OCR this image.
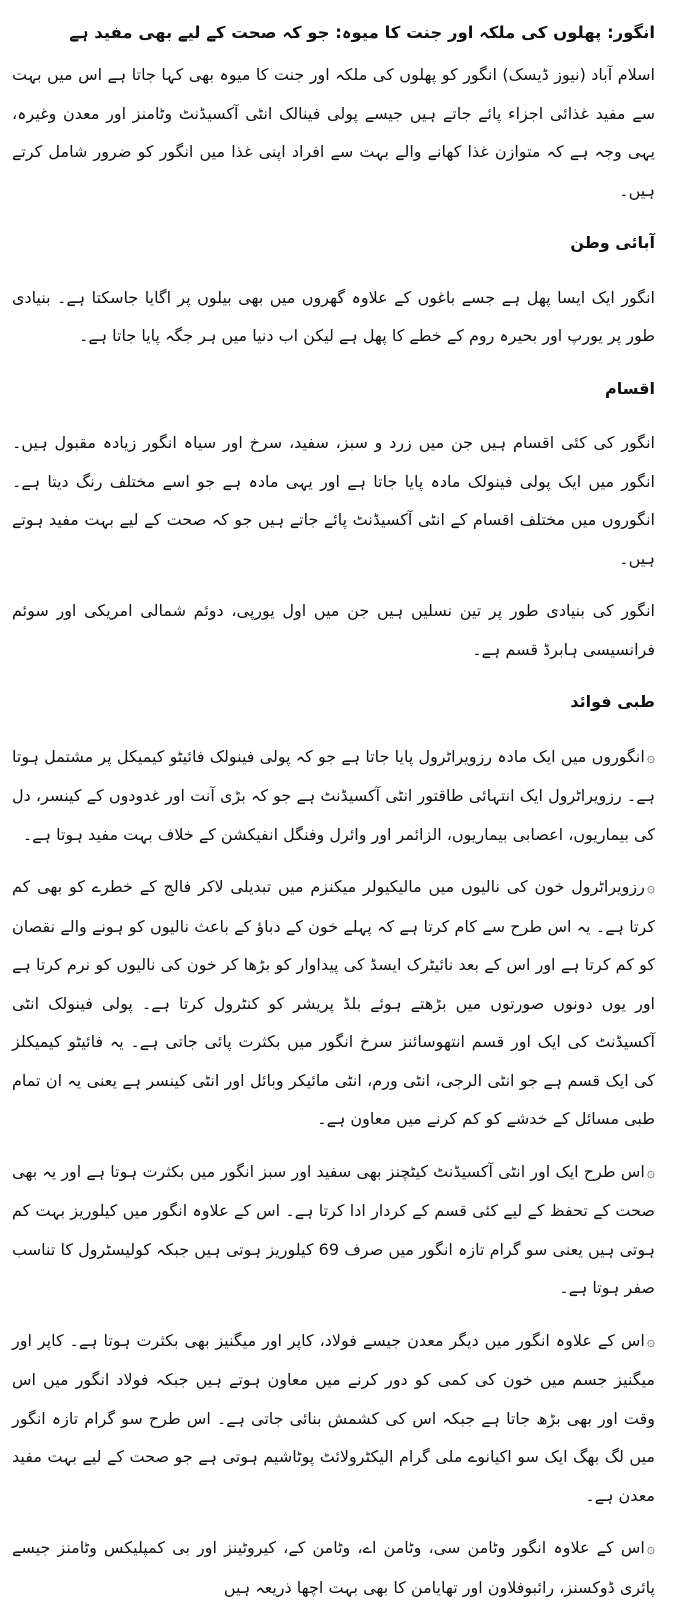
انگور: پھلوں کی ملکہ اور جنت کا میوہ: جو کہ صحت کے لیے بھی مفید ہے

اسلام آباد (نیوز ڈیسک) انگور کو پھلوں کی ملکہ اور جنت کا میوہ بھی کہا جاتا ہے اس میں بہت سے مفید غذائی اجزاء پائے جاتے ہیں جیسے پولی فینالک انٹی آکسیڈنٹ وٹامنز اور معدن وغیرہ، یہی وجہ ہے کہ متوازن غذا کھانے والے بہت سے افراد اپنی غذا میں انگور کو ضرور شامل کرتے ہیں۔

آبائی وطن

انگور ایک ایسا پھل ہے جسے باغوں کے علاوہ گھروں میں بھی بیلوں پر اگایا جاسکتا ہے۔ بنیادی طور پر یورپ اور بحیرہ روم کے خطے کا پھل ہے لیکن اب دنیا میں ہر جگہ پایا جاتا ہے۔

اقسام

انگور کی کئی اقسام ہیں جن میں زرد و سبز، سفید، سرخ اور سیاہ انگور زیادہ مقبول ہیں۔ انگور میں ایک پولی فینولک مادہ پایا جاتا ہے اور یہی مادہ ہے جو اسے مختلف رنگ دیتا ہے۔ انگوروں میں مختلف اقسام کے انٹی آکسیڈنٹ پائے جاتے ہیں جو کہ صحت کے لیے بہت مفید ہوتے ہیں۔

انگور کی بنیادی طور پر تین نسلیں ہیں جن میں اول یورپی، دوئم شمالی امریکی اور سوئم فرانسیسی ہابرڈ قسم ہے۔

طبی فوائد

۞انگوروں میں ایک مادہ رزویراٹرول پایا جاتا ہے جو کہ پولی فینولک فائیٹو کیمیکل پر مشتمل ہوتا ہے۔ رزویراٹرول ایک انتہائی طاقتور انٹی آکسیڈنٹ ہے جو کہ بڑی آنت اور غدودوں کے کینسر، دل کی بیماریوں، اعصابی بیماریوں، الزائمر اور وائرل وفنگل انفیکشن کے خلاف بہت مفید ہوتا ہے۔

۞رزویراٹرول خون کی نالیوں میں مالیکیولر میکنزم میں تبدیلی لاکر فالج کے خطرے کو بھی کم کرتا ہے۔ یہ اس طرح سے کام کرتا ہے کہ پہلے خون کے دباؤ کے باعث نالیوں کو ہونے والے نقصان کو کم کرتا ہے اور اس کے بعد نائیٹرک ایسڈ کی پیداوار کو بڑھا کر خون کی نالیوں کو نرم کرتا ہے اور یوں دونوں صورتوں میں بڑھتے ہوئے بلڈ پریشر کو کنٹرول کرتا ہے۔ پولی فینولک انٹی آکسیڈنٹ کی ایک اور قسم انتھوسائنز سرخ انگور میں بکثرت پائی جاتی ہے۔ یہ فائیٹو کیمیکلز کی ایک قسم ہے جو انٹی الرجی، انٹی ورم، انٹی مائیکر وبائل اور انٹی کینسر ہے یعنی یہ ان تمام طبی مسائل کے خدشے کو کم کرنے میں معاون ہے۔

۞اس طرح ایک اور انٹی آکسیڈنٹ کیٹچنز بھی سفید اور سبز انگور میں بکثرت ہوتا ہے اور یہ بھی صحت کے تحفظ کے لیے کئی قسم کے کردار ادا کرتا ہے۔ اس کے علاوہ انگور میں کیلوریز بہت کم ہوتی ہیں یعنی سو گرام تازہ انگور میں صرف 69 کیلوریز ہوتی ہیں جبکہ کولیسٹرول کا تناسب صفر ہوتا ہے۔

۞اس کے علاوہ انگور میں دیگر معدن جیسے فولاد، کاپر اور میگنیز بھی بکثرت ہوتا ہے۔ کاپر اور میگنیز جسم میں خون کی کمی کو دور کرنے میں معاون ہوتے ہیں جبکہ فولاد انگور میں اس وقت اور بھی بڑھ جاتا ہے جبکہ اس کی کشمش بنائی جاتی ہے۔ اس طرح سو گرام تازہ انگور میں لگ بھگ ایک سو اکیانوے ملی گرام الیکٹرولائٹ پوٹاشیم ہوتی ہے جو صحت کے لیے بہت مفید معدن ہے۔

۞اس کے علاوہ انگور وٹامن سی، وٹامن اے، وٹامن کے، کیروٹینز اور بی کمپلیکس وٹامنز جیسے پائری ڈوکسنز، رائبوفلاون اور تھایامن کا بھی بہت اچھا ذریعہ ہیں
